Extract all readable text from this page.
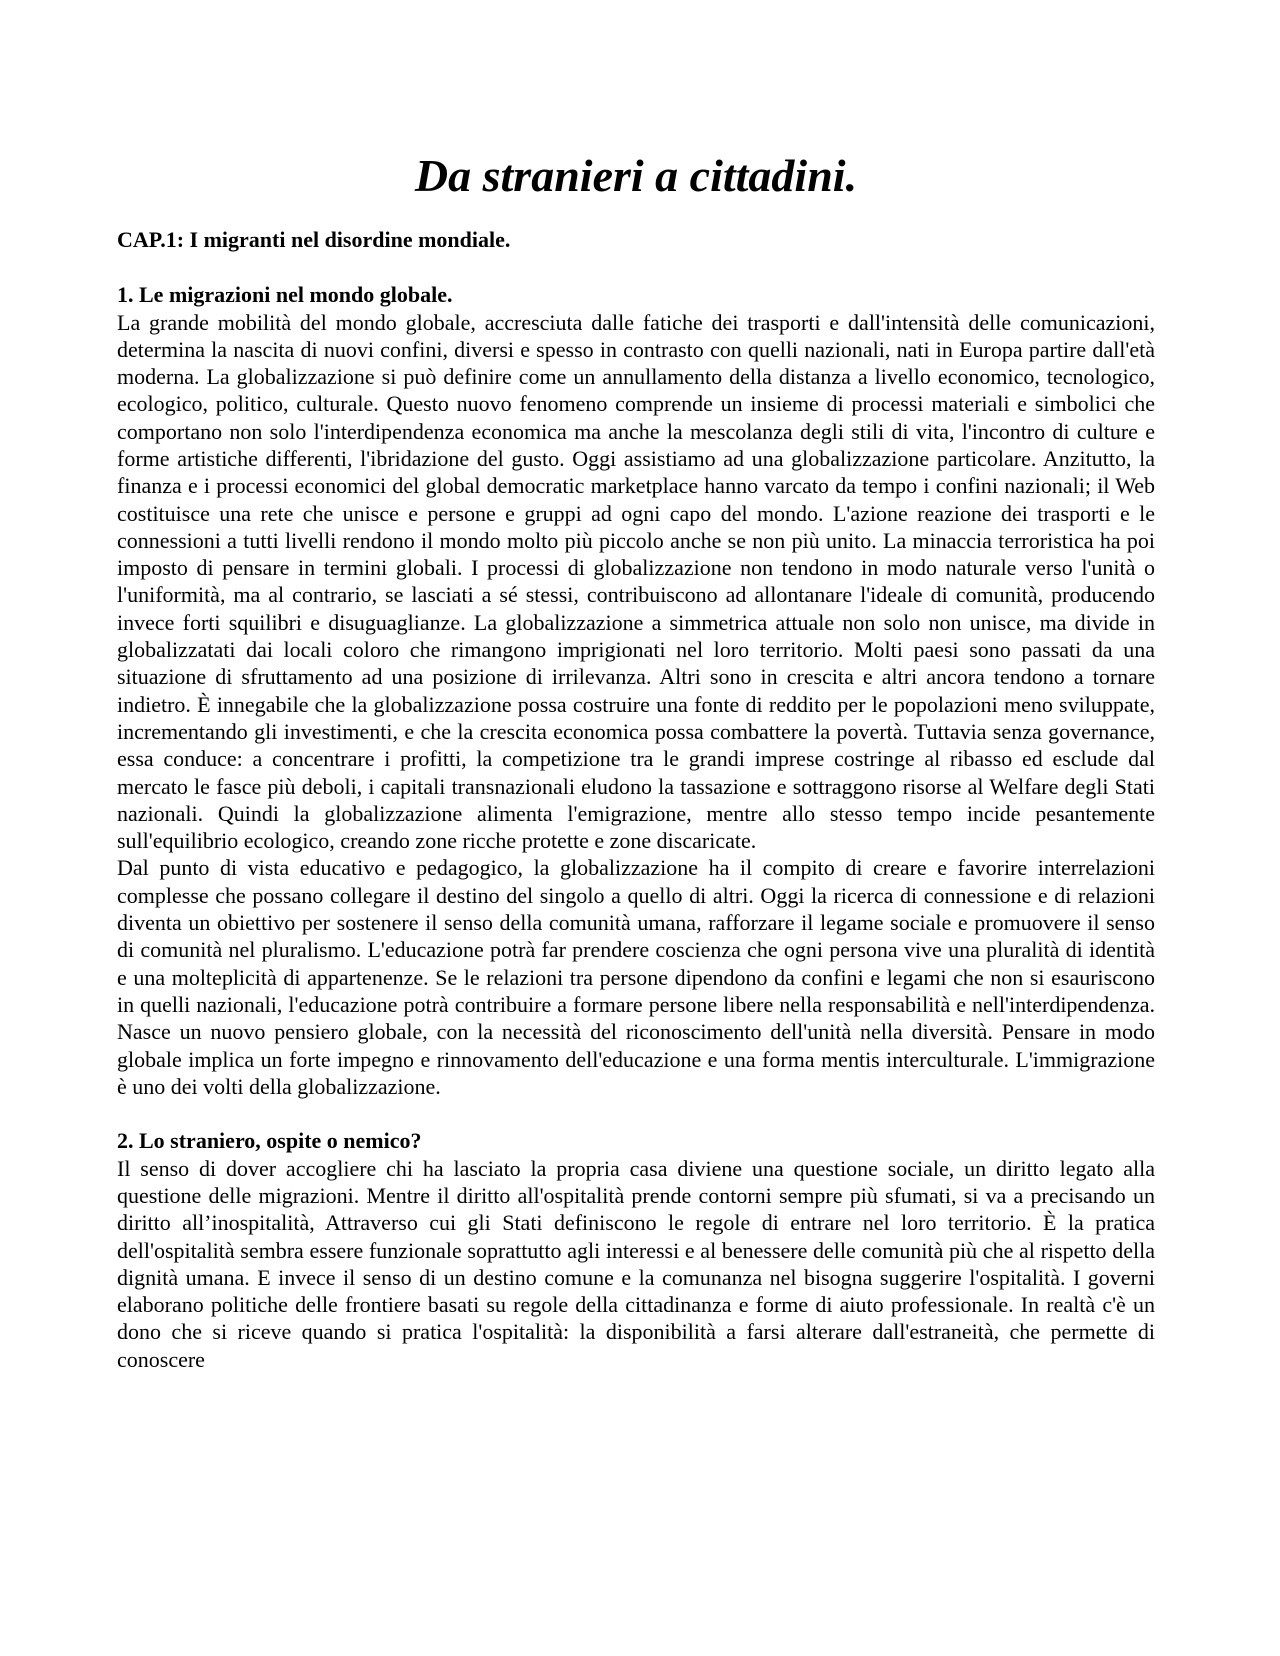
Da stranieri a cittadini.

CAP.1: I migranti nel disordine mondiale.

1. Le migrazioni nel mondo globale.

La grande mobilità del mondo globale, accresciuta dalle fatiche dei trasporti e dall'intensità delle comunicazioni, determina la nascita di nuovi confini, diversi e spesso in contrasto con quelli nazionali, nati in Europa partire dall'età moderna. La globalizzazione si può definire come un annullamento della distanza a livello economico, tecnologico, ecologico, politico, culturale. Questo nuovo fenomeno comprende un insieme di processi materiali e simbolici che comportano non solo l'interdipendenza economica ma anche la mescolanza degli stili di vita, l'incontro di culture e forme artistiche differenti, l'ibridazione del gusto. Oggi assistiamo ad una globalizzazione particolare. Anzitutto, la finanza e i processi economici del global democratic marketplace hanno varcato da tempo i confini nazionali; il Web costituisce una rete che unisce e persone e gruppi ad ogni capo del mondo. L'azione reazione dei trasporti e le connessioni a tutti livelli rendono il mondo molto più piccolo anche se non più unito. La minaccia terroristica ha poi imposto di pensare in termini globali. I processi di globalizzazione non tendono in modo naturale verso l'unità o l'uniformità, ma al contrario, se lasciati a sé stessi, contribuiscono ad allontanare l'ideale di comunità, producendo invece forti squilibri e disuguaglianze. La globalizzazione a simmetrica attuale non solo non unisce, ma divide in globalizzatati dai locali coloro che rimangono imprigionati nel loro territorio. Molti paesi sono passati da una situazione di sfruttamento ad una posizione di irrilevanza. Altri sono in crescita e altri ancora tendono a tornare indietro. È innegabile che la globalizzazione possa costruire una fonte di reddito per le popolazioni meno sviluppate, incrementando gli investimenti, e che la crescita economica possa combattere la povertà. Tuttavia senza governance, essa conduce: a concentrare i profitti, la competizione tra le grandi imprese costringe al ribasso ed esclude dal mercato le fasce più deboli, i capitali transnazionali eludono la tassazione e sottraggono risorse al Welfare degli Stati nazionali. Quindi la globalizzazione alimenta l'emigrazione, mentre allo stesso tempo incide pesantemente sull'equilibrio ecologico, creando zone ricche protette e zone discaricate.

Dal punto di vista educativo e pedagogico, la globalizzazione ha il compito di creare e favorire interrelazioni complesse che possano collegare il destino del singolo a quello di altri. Oggi la ricerca di connessione e di relazioni diventa un obiettivo per sostenere il senso della comunità umana, rafforzare il legame sociale e promuovere il senso di comunità nel pluralismo. L'educazione potrà far prendere coscienza che ogni persona vive una pluralità di identità e una molteplicità di appartenenze. Se le relazioni tra persone dipendono da confini e legami che non si esauriscono in quelli nazionali, l'educazione potrà contribuire a formare persone libere nella responsabilità e nell'interdipendenza. Nasce un nuovo pensiero globale, con la necessità del riconoscimento dell'unità nella diversità. Pensare in modo globale implica un forte impegno e rinnovamento dell'educazione e una forma mentis interculturale. L'immigrazione è uno dei volti della globalizzazione.

2. Lo straniero, ospite o nemico?

Il senso di dover accogliere chi ha lasciato la propria casa diviene una questione sociale, un diritto legato alla questione delle migrazioni. Mentre il diritto all'ospitalità prende contorni sempre più sfumati, si va a precisando un diritto all’inospitalità, Attraverso cui gli Stati definiscono le regole di entrare nel loro territorio. È la pratica dell'ospitalità sembra essere funzionale soprattutto agli interessi e al benessere delle comunità più che al rispetto della dignità umana. E invece il senso di un destino comune e la comunanza nel bisogna suggerire l'ospitalità. I governi elaborano politiche delle frontiere basati su regole della cittadinanza e forme di aiuto professionale. In realtà c'è un dono che si riceve quando si pratica l'ospitalità: la disponibilità a farsi alterare dall'estraneità, che permette di conoscere
